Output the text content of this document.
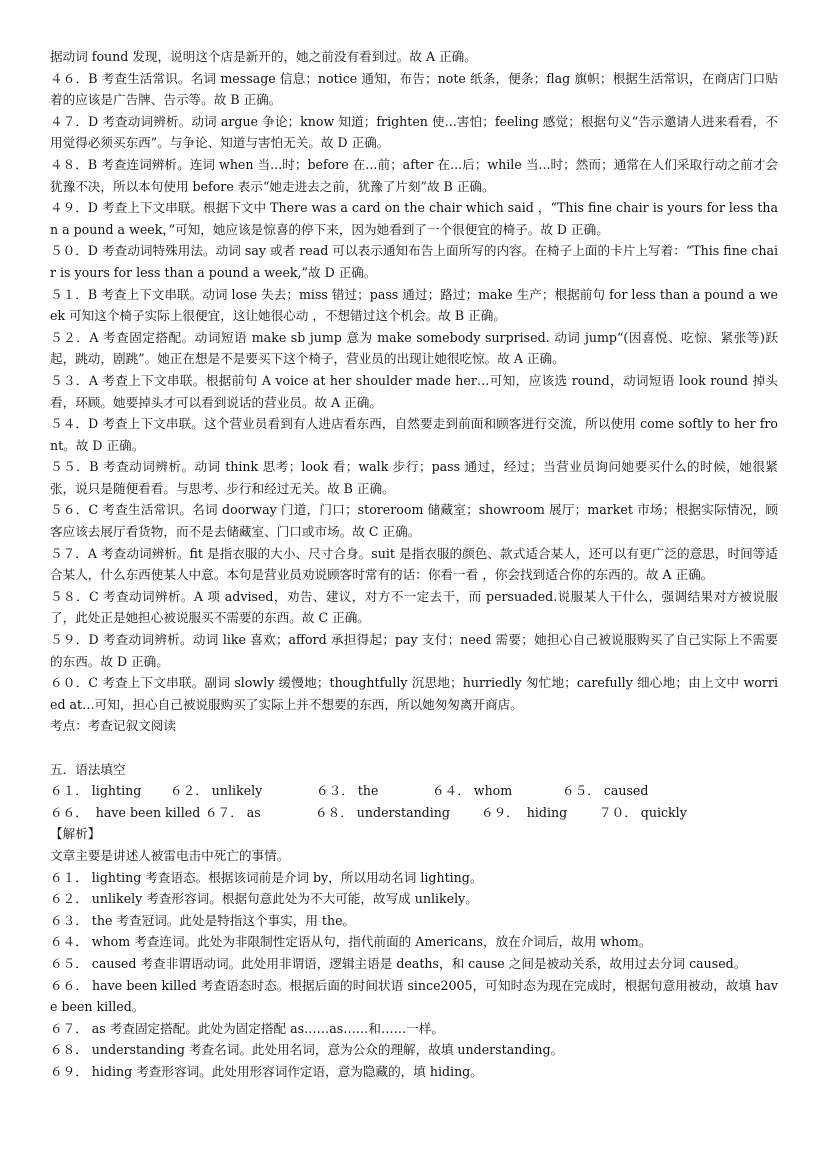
据动词 found 发现，说明这个店是新开的，她之前没有看到过。故 A 正确。

４６．B 考查生活常识。名词 message 信息；notice 通知，布告；note 纸条，便条；flag 旗帜；根据生活常识，在商店门口贴着的应该是广告牌、告示等。故 B 正确。

４７．D 考查动词辨析。动词 argue 争论；know 知道；frighten 使...害怕；feeling 感觉；根据句义“告示邀请人进来看看，不用觉得必须买东西”。与争论、知道与害怕无关。故 D 正确。

４８．B 考查连词辨析。连词 when 当...时；before 在...前；after 在...后；while 当...时；然而；通常在人们采取行动之前才会犹豫不决，所以本句使用 before 表示“她走进去之前，犹豫了片刻”故 B 正确。

４９．D 考查上下文串联。根据下文中 There was a card on the chair which said ，“This fine chair is yours for less than a pound a week，”可知，她应该是惊喜的停下来，因为她看到了一个很便宜的椅子。故 D 正确。

５０．D 考查动词特殊用法。动词 say 或者 read 可以表示通知布告上面所写的内容。在椅子上面的卡片上写着：“This fine chair is yours for less than a pound a week,”故 D 正确。

５１．B 考查上下文串联。动词 lose 失去；miss 错过；pass 通过；路过；make 生产；根据前句 for less than a pound a week 可知这个椅子实际上很便宜，这让她很心动 ，不想错过这个机会。故 B 正确。

５２．A 考查固定搭配。动词短语 make sb jump 意为 make somebody surprised. 动词 jump“(因喜悦、吃惊、紧张等)跃起，跳动，剧跳”。她正在想是不是要买下这个椅子，营业员的出现让她很吃惊。故 A 正确。

５３．A 考查上下文串联。根据前句 A voice at her shoulder made her…可知，应该选 round，动词短语 look round 掉头看，环顾。她要掉头才可以看到说话的营业员。故 A 正确。

５４．D 考查上下文串联。这个营业员看到有人进店看东西，自然要走到前面和顾客进行交流，所以使用 come softly to her front。故 D 正确。

５５．B 考查动词辨析。动词 think 思考；look 看；walk 步行；pass 通过，经过；当营业员询问她要买什么的时候，她很紧张，说只是随便看看。与思考、步行和经过无关。故 B 正确。

５６．C 考查生活常识。名词 doorway 门道，门口；storeroom 储藏室；showroom 展厅；market 市场；根据实际情况，顾客应该去展厅看货物，而不是去储藏室、门口或市场。故 C 正确。

５７．A 考查动词辨析。fit 是指衣服的大小、尺寸合身。suit 是指衣服的颜色、款式适合某人，还可以有更广泛的意思，时间等适合某人，什么东西使某人中意。本句是营业员劝说顾客时常有的话：你看一看 ，你会找到适合你的东西的。故 A 正确。

５８．C 考查动词辨析。A 项 advised，劝告、建议，对方不一定去干，而 persuaded.说服某人干什么，强调结果对方被说服了，此处正是她担心被说服买不需要的东西。故 C 正确。

５９．D 考查动词辨析。动词 like 喜欢；afford 承担得起；pay 支付；need 需要；她担心自己被说服购买了自己实际上不需要的东西。故 D 正确。

６０．C 考查上下文串联。副词 slowly 缓慢地；thoughtfully 沉思地；hurriedly 匆忙地；carefully 细心地；由上文中 worried at…可知，担心自己被说服购买了实际上并不想要的东西，所以她匆匆离开商店。

考点：考查记叙文阅读

五．语法填空

６１． lighting	６２． unlikely	６３． the	６４． whom	６５． caused
６６．  have been killed ６７． as	６８． understanding	６９．  hiding	７０． quickly

【解析】

文章主要是讲述人被雷电击中死亡的事情。

６１． lighting 考查语态。根据该词前是介词 by，所以用动名词 lighting。

６２． unlikely 考查形容词。根据句意此处为不大可能，故写成 unlikely。

６３． the 考查冠词。此处是特指这个事实，用 the。

６４． whom 考查连词。此处为非限制性定语从句，指代前面的 Americans，放在介词后，故用 whom。

６５． caused 考查非谓语动词。此处用非谓语，逻辑主语是 deaths，和 cause 之间是被动关系，故用过去分词 caused。

６６． have been killed 考查语态时态。根据后面的时间状语 since2005，可知时态为现在完成时，根据句意用被动，故填 have been killed。

６７． as 考查固定搭配。此处为固定搭配 as……as……和……一样。

６８． understanding 考查名词。此处用名词，意为公众的理解，故填 understanding。

６９． hiding 考查形容词。此处用形容词作定语，意为隐藏的，填 hiding。
